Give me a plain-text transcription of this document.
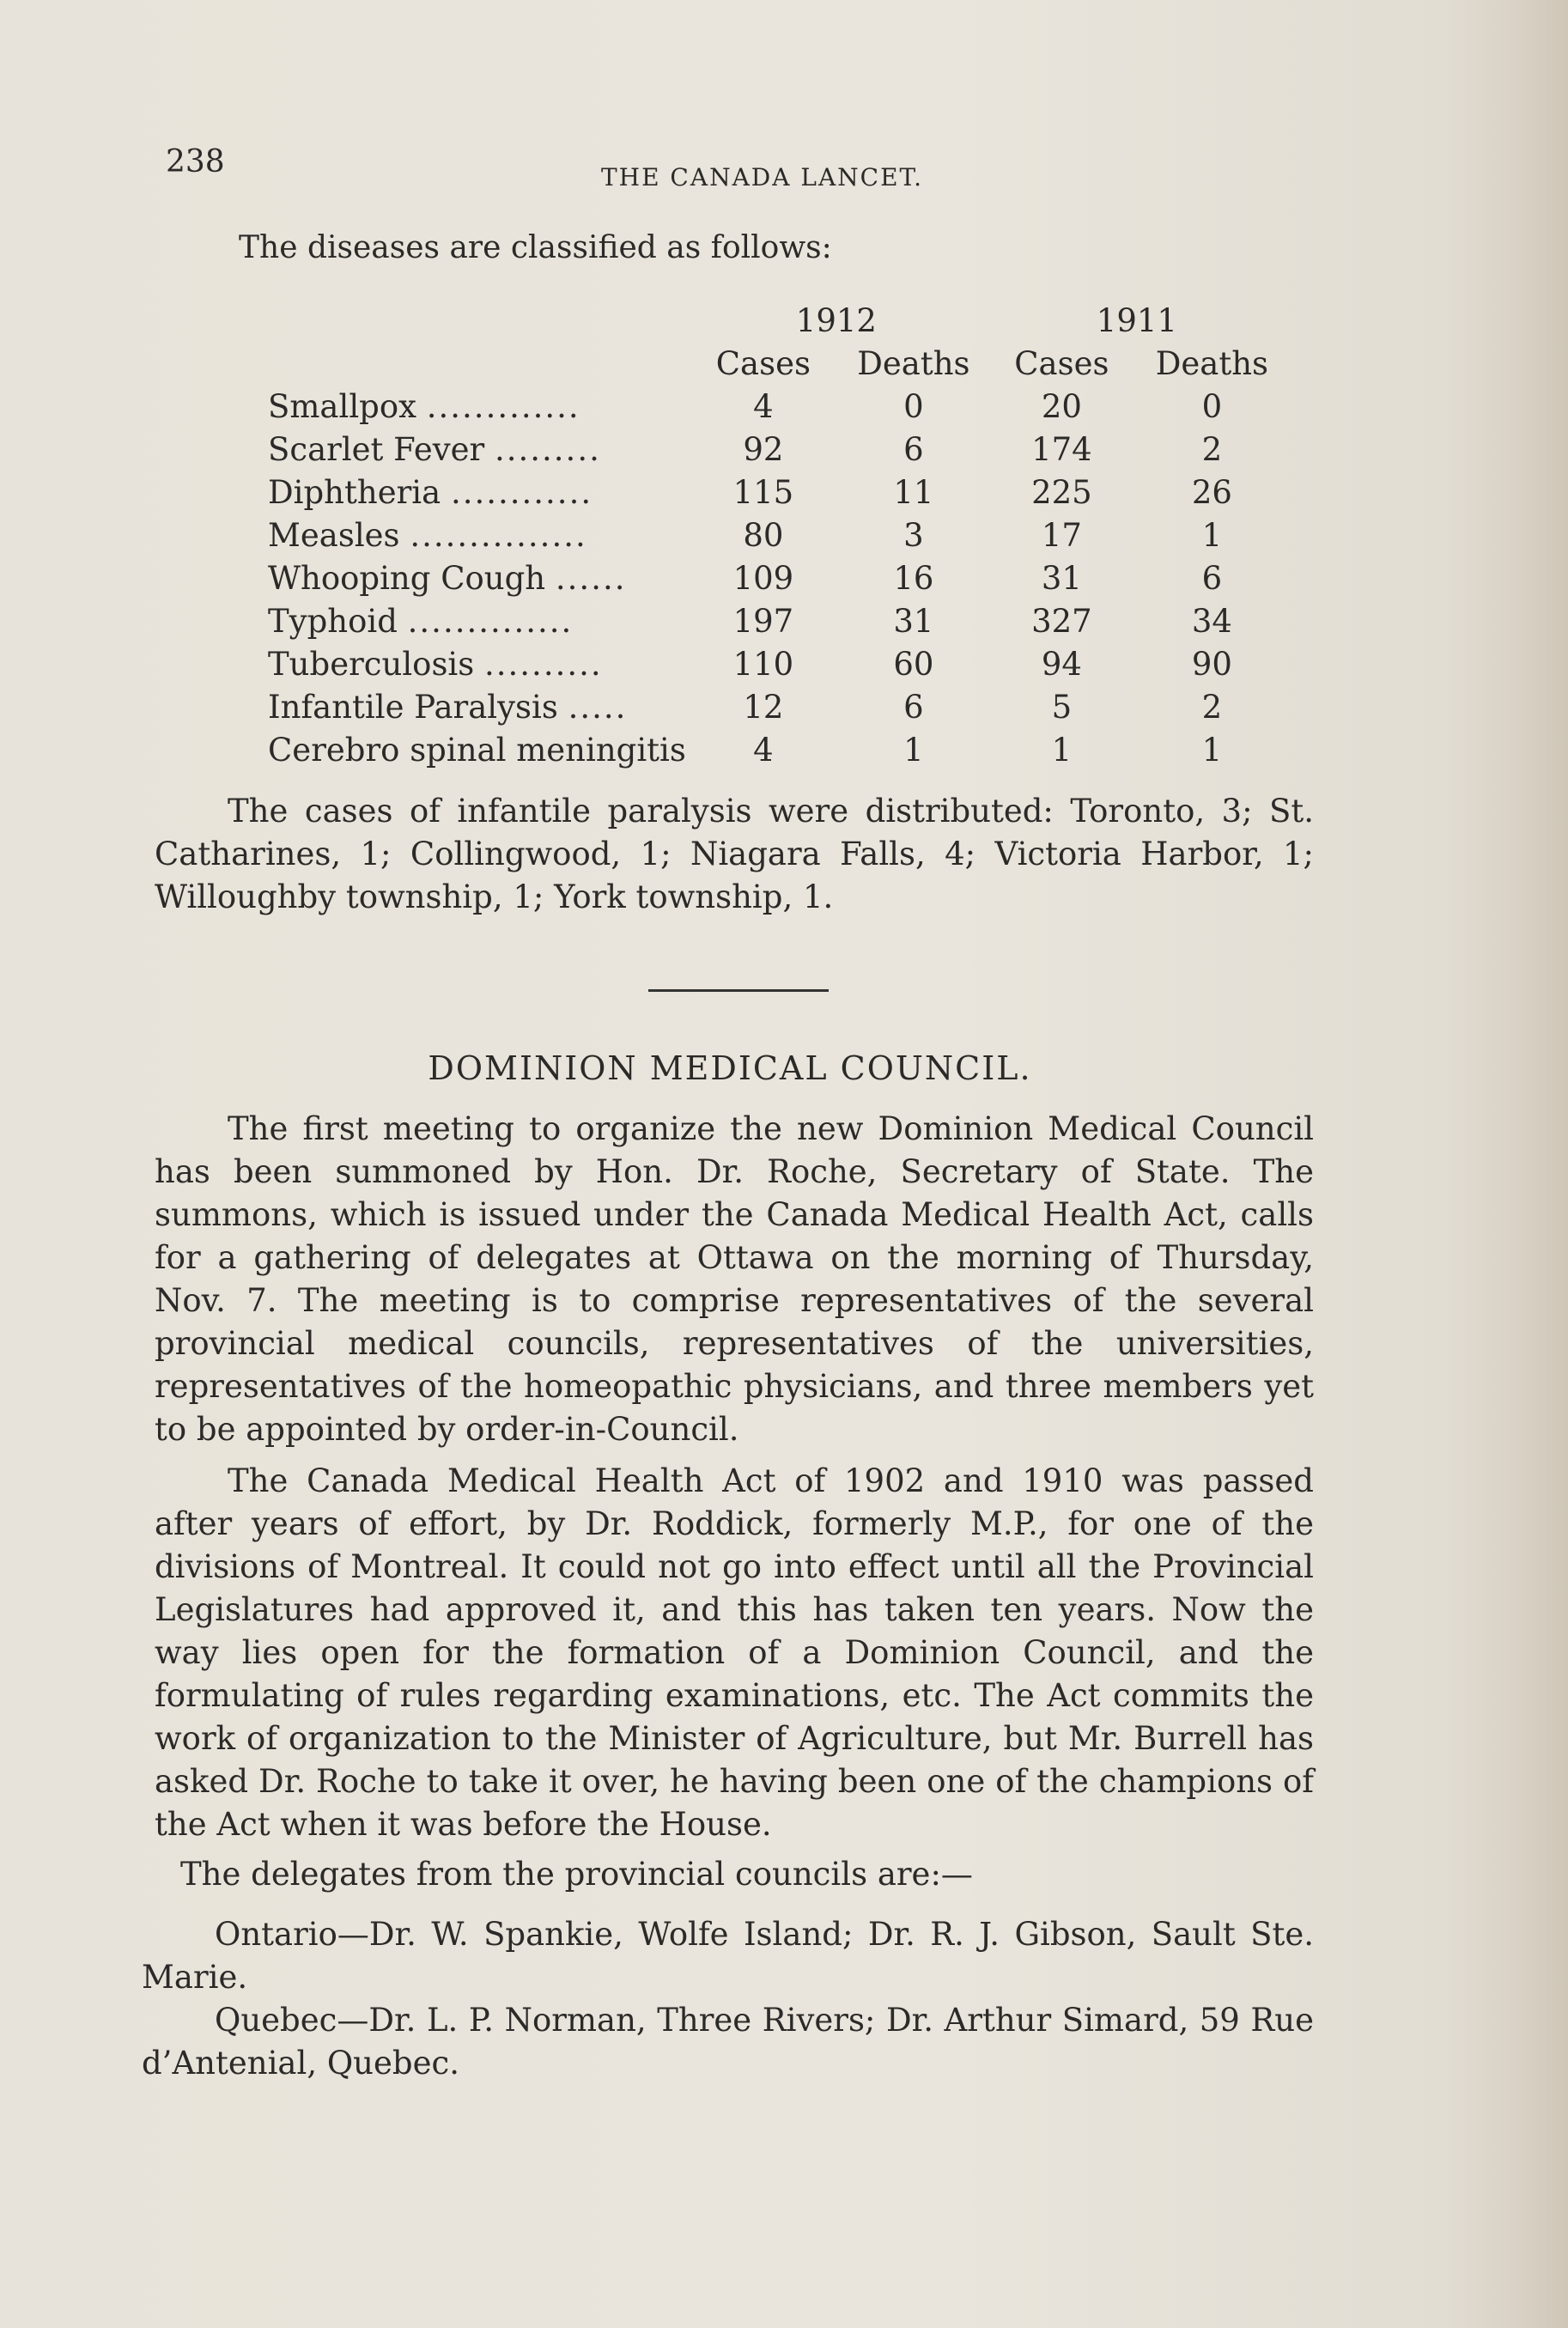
238	THE CANADA LANCET.
The diseases are classified as follows:
	1912		1911	
	Cases	Deaths	Cases	Deaths
Smallpox .............	4	0	20	0
Scarlet Fever .........	92	6	174	2
Diphtheria ............	115	11	225	26
Measles ...............	80	3	17	1
Whooping Cough ......	109	16	31	6
Typhoid ..............	197	31	327	34
Tuberculosis ..........	110	60	94	90
Infantile Paralysis .....	12	6	5	2
Cerebro spinal meningitis	4	1	1	1
The cases of infantile paralysis were distributed: Toronto, 3; St. Catharines, 1; Collingwood, 1; Niagara Falls, 4; Victoria Harbor, 1; Willoughby township, 1; York township, 1.
DOMINION MEDICAL COUNCIL.
The first meeting to organize the new Dominion Medical Council has been summoned by Hon. Dr. Roche, Secretary of State. The summons, which is issued under the Canada Medical Health Act, calls for a gathering of delegates at Ottawa on the morning of Thursday, Nov. 7. The meeting is to comprise representatives of the several provincial medical councils, representatives of the universities, representatives of the homeopathic physicians, and three members yet to be appointed by order-in-Council.
The Canada Medical Health Act of 1902 and 1910 was passed after years of effort, by Dr. Roddick, formerly M.P., for one of the divisions of Montreal. It could not go into effect until all the Provincial Legislatures had approved it, and this has taken ten years. Now the way lies open for the formation of a Dominion Council, and the formulating of rules regarding examinations, etc. The Act commits the work of organization to the Minister of Agriculture, but Mr. Burrell has asked Dr. Roche to take it over, he having been one of the champions of the Act when it was before the House.
The delegates from the provincial councils are:—
Ontario—Dr. W. Spankie, Wolfe Island; Dr. R. J. Gibson, Sault Ste. Marie.
Quebec—Dr. L. P. Norman, Three Rivers; Dr. Arthur Simard, 59 Rue d’Antenial, Quebec.
